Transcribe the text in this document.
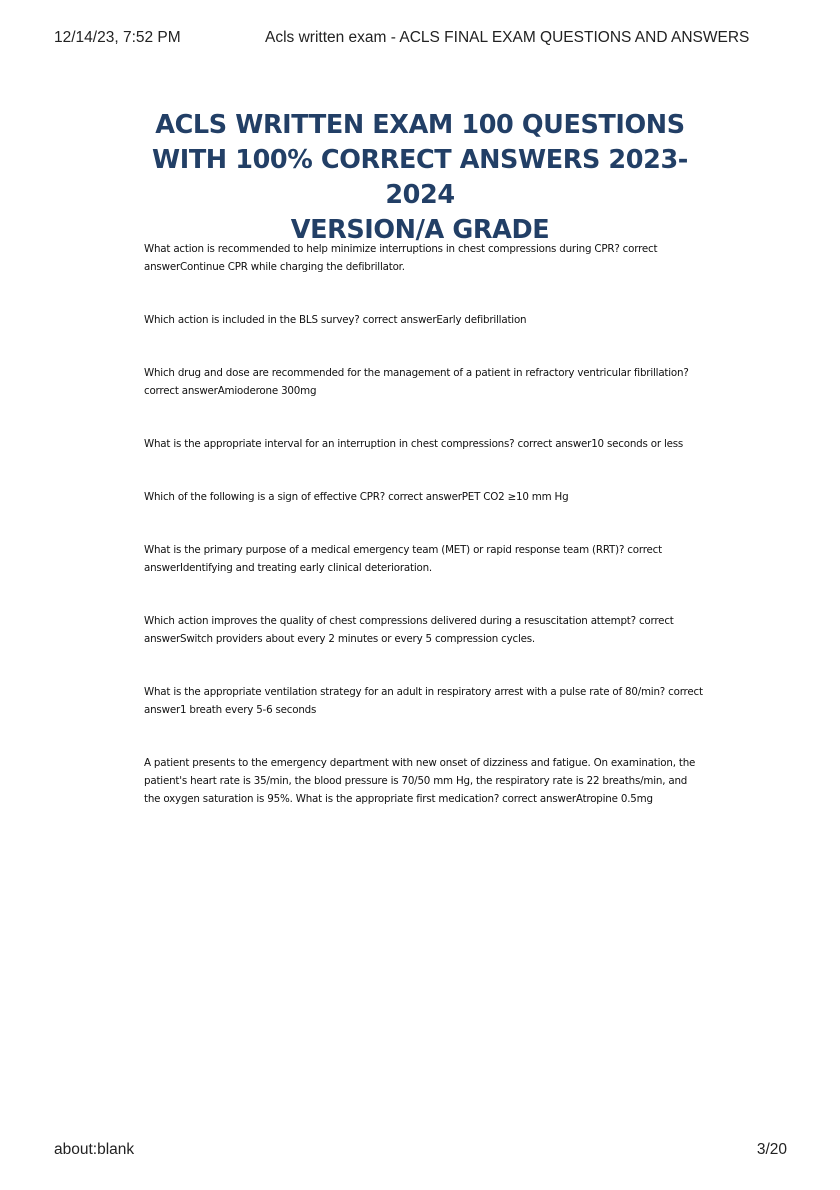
12/14/23, 7:52 PM	Acls written exam - ACLS FINAL EXAM QUESTIONS AND ANSWERS
ACLS WRITTEN EXAM 100 QUESTIONS
WITH 100% CORRECT ANSWERS 2023-2024
VERSION/A GRADE

What action is recommended to help minimize interruptions in chest compressions during CPR? correct answerContinue CPR while charging the defibrillator.

Which action is included in the BLS survey? correct answerEarly defibrillation

Which drug and dose are recommended for the management of a patient in refractory ventricular fibrillation? correct answerAmioderone 300mg

What is the appropriate interval for an interruption in chest compressions? correct answer10 seconds or less

Which of the following is a sign of effective CPR? correct answerPET CO2 ≥10 mm Hg

What is the primary purpose of a medical emergency team (MET) or rapid response team (RRT)? correct answerIdentifying and treating early clinical deterioration.

Which action improves the quality of chest compressions delivered during a resuscitation attempt? correct answerSwitch providers about every 2 minutes or every 5 compression cycles.

What is the appropriate ventilation strategy for an adult in respiratory arrest with a pulse rate of 80/min? correct answer1 breath every 5-6 seconds

A patient presents to the emergency department with new onset of dizziness and fatigue. On examination, the patient's heart rate is 35/min, the blood pressure is 70/50 mm Hg, the respiratory rate is 22 breaths/min, and the oxygen saturation is 95%. What is the appropriate first medication? correct answerAtropine 0.5mg

about:blank	3/20
